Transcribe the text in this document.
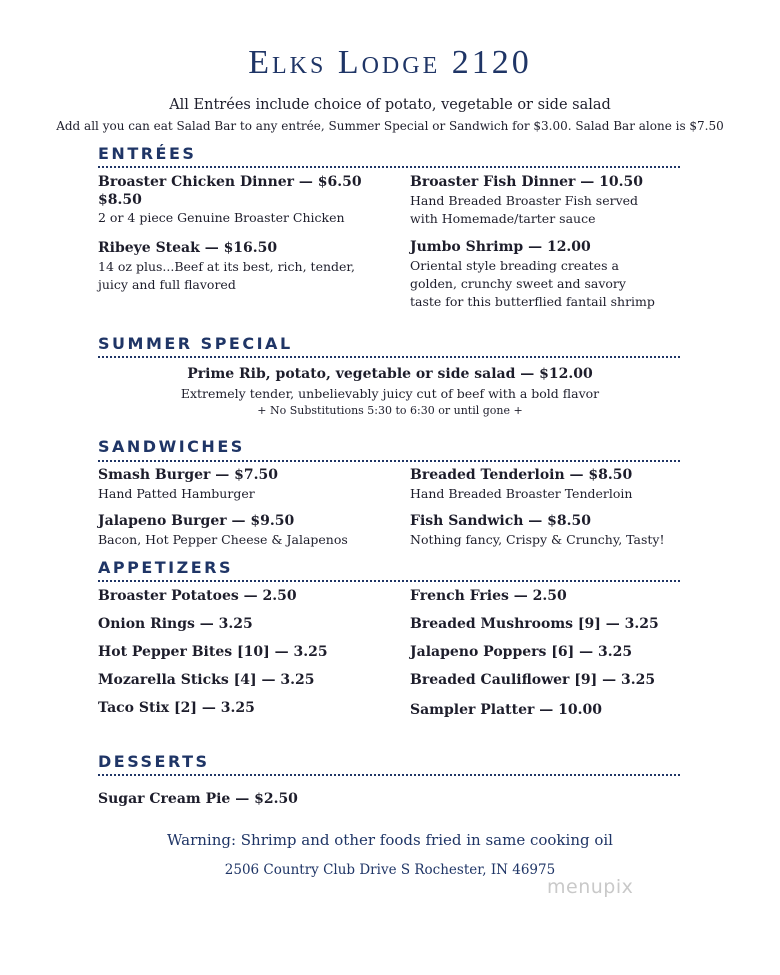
Elks Lodge 2120
All Entrées include choice of potato, vegetable or side salad
Add all you can eat Salad Bar to any entrée, Summer Special or Sandwich for $3.00. Salad Bar alone is $7.50
ENTRÉES
Broaster Chicken Dinner — $6.50
$8.50
2 or 4 piece Genuine Broaster Chicken
Broaster Fish Dinner — 10.50
Hand Breaded Broaster Fish served with Homemade/tarter sauce
Ribeye Steak — $16.50
14 oz plus...Beef at its best, rich, tender, juicy and full flavored
Jumbo Shrimp — 12.00
Oriental style breading creates a golden, crunchy sweet and savory taste for this butterflied fantail shrimp
SUMMER SPECIAL
Prime Rib, potato, vegetable or side salad — $12.00
Extremely tender, unbelievably juicy cut of beef with a bold flavor
+ No Substitutions 5:30 to 6:30 or until gone +
SANDWICHES
Smash Burger — $7.50
Hand Patted Hamburger
Breaded Tenderloin — $8.50
Hand Breaded Broaster Tenderloin
Jalapeno Burger — $9.50
Bacon, Hot Pepper Cheese & Jalapenos
Fish Sandwich — $8.50
Nothing fancy, Crispy & Crunchy, Tasty!
APPETIZERS
Broaster Potatoes — 2.50
Onion Rings — 3.25
Hot Pepper Bites [10] — 3.25
Mozarella Sticks [4] — 3.25
Taco Stix [2] — 3.25
French Fries — 2.50
Breaded Mushrooms [9] — 3.25
Jalapeno Poppers [6] — 3.25
Breaded Cauliflower [9] — 3.25
Sampler Platter — 10.00
DESSERTS
Sugar Cream Pie — $2.50
Warning: Shrimp and other foods fried in same cooking oil
2506 Country Club Drive S Rochester, IN 46975
menupix
